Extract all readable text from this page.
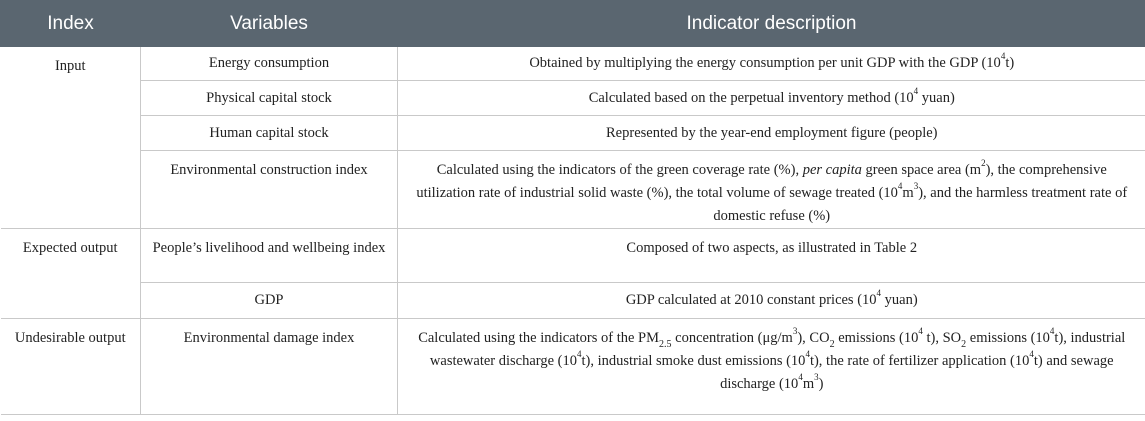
Index	Variables	Indicator description
Input	Energy consumption	Obtained by multiplying the energy consumption per unit GDP with the GDP $(10^4t)$
	Physical capital stock	Calculated based on the perpetual inventory method ($10^4$ yuan)
	Human capital stock	Represented by the year-end employment figure (people)
	Environmental construction index	Calculated using the indicators of the green coverage rate (%), per capita green space area $(m^2)$, the comprehensive utilization rate of industrial solid waste (%), the total volume of sewage treated $(10^4m^3)$, and the harmless treatment rate of domestic refuse (%)
Expected output	People’s livelihood and wellbeing index	Composed of two aspects, as illustrated in Table 2
	GDP	GDP calculated at 2010 constant prices ($10^4$ yuan)
Undesirable output	Environmental damage index	Calculated using the indicators of the $PM_{2.5}$ concentration $(\mu g/m^3)$, $CO_2$ emissions ($10^4$ t), $SO_2$ emissions $(10^4t)$, industrial wastewater discharge $(10^4t)$, industrial smoke dust emissions $(10^4t)$, the rate of fertilizer application $(10^4t)$ and sewage discharge $(10^4m^3)$
